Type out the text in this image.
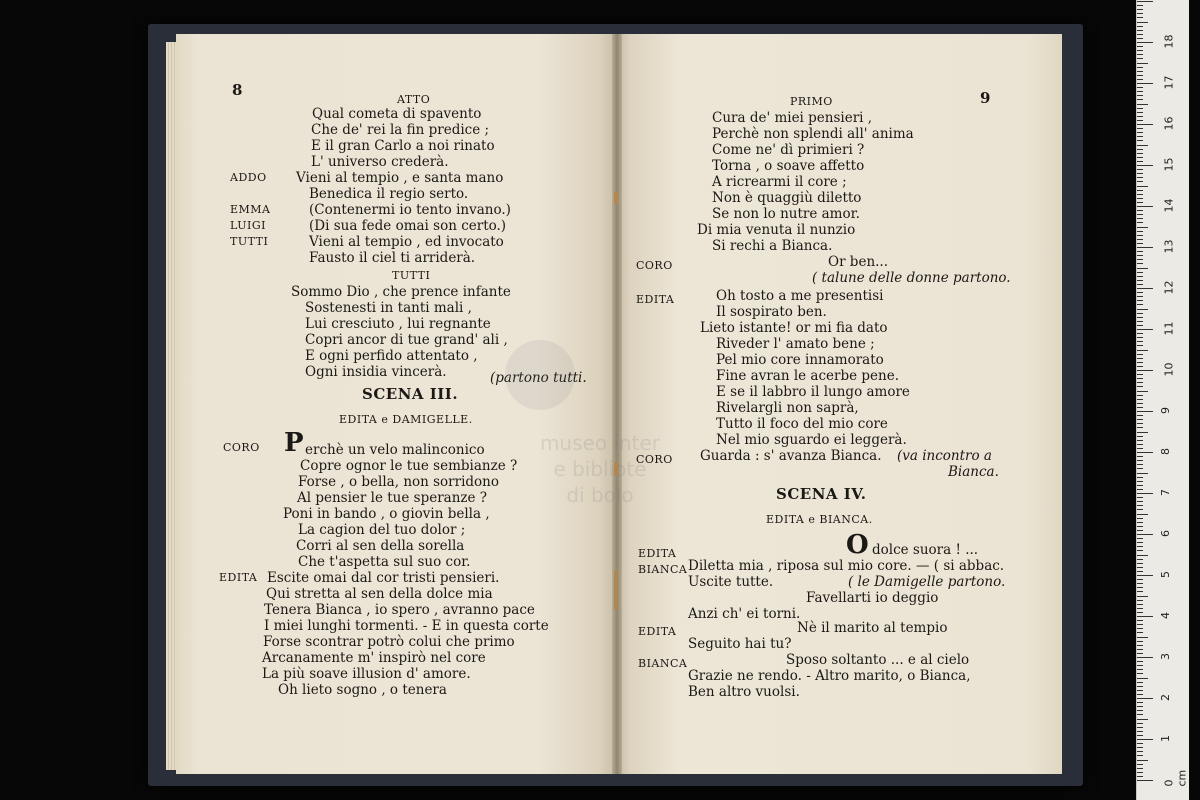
8
ATTO
Qual cometa di spavento
Che de' rei la fin predice ;
E il gran Carlo a noi rinato
L' universo crederà.
ADDO Vieni al tempio , e santa mano
Benedica il regio serto.
EMMA	(Contenermi io tento invano.)
LUIGI	(Di sua fede omai son certo.)
TUTTI	Vieni al tempio , ed invocato
Fausto il ciel ti arriderà.
TUTTI
Sommo Dio , che prence infante
Sostenesti in tanti mali ,
Lui cresciuto , lui regnante
Copri ancor di tue grand' ali ,
E ogni perfido attentato ,
Ogni insidia vincerà.	(partono tutti.
SCENA III.
EDITA e DAMIGELLE.
CORO P erchè un velo malinconico
Copre ognor le tue sembianze ?
Forse , o bella, non sorridono
Al pensier le tue speranze ?
Poni in bando , o giovin bella ,
La cagion del tuo dolor ;
Corri al sen della sorella
Che t'aspetta sul suo cor.
EDITA Escite omai dal cor tristi pensieri.
Qui stretta al sen della dolce mia
Tenera Bianca , io spero , avranno pace
I miei lunghi tormenti. - E in questa corte
Forse scontrar potrò colui che primo
Arcanamente m' inspirò nel core
La più soave illusion d' amore.
Oh lieto sogno , o tenera
PRIMO	9
Cura de' miei pensieri ,
Perchè non splendi all' anima
Come ne' dì primieri ?
Torna , o soave affetto
A ricrearmi il core ;
Non è quaggiù diletto
Se non lo nutre amor.
Di mia venuta il nunzio
Si rechi a Bianca.
CORO	Or ben...
( talune delle donne partono.
EDITA	Oh tosto a me presentisi
Il sospirato ben.
Lieto istante! or mi fia dato
Riveder l' amato bene ;
Pel mio core innamorato
Fine avran le acerbe pene.
E se il labbro il lungo amore
Rivelargli non saprà,
Tutto il foco del mio core
Nel mio sguardo ei leggerà.
CORO Guarda : s' avanza Bianca. (va incontro a
Bianca.
SCENA IV.
EDITA e BIANCA.
EDITA	O dolce suora ! ...
BIANCA Diletta mia , riposa sul mio core. — ( si abbac.
Uscite tutte.	( le Damigelle partono.
Favellarti io deggio
Anzi ch' ei torni.
EDITA	Nè il marito al tempio
Seguito hai tu?
BIANCA	Sposo soltanto ... e al cielo
Grazie ne rendo. - Altro marito, o Bianca,
Ben altro vuolsi.
0 cm
1
2
3
4
5
6
7
8
9
10
11
12
13
14
15
16
17
18
